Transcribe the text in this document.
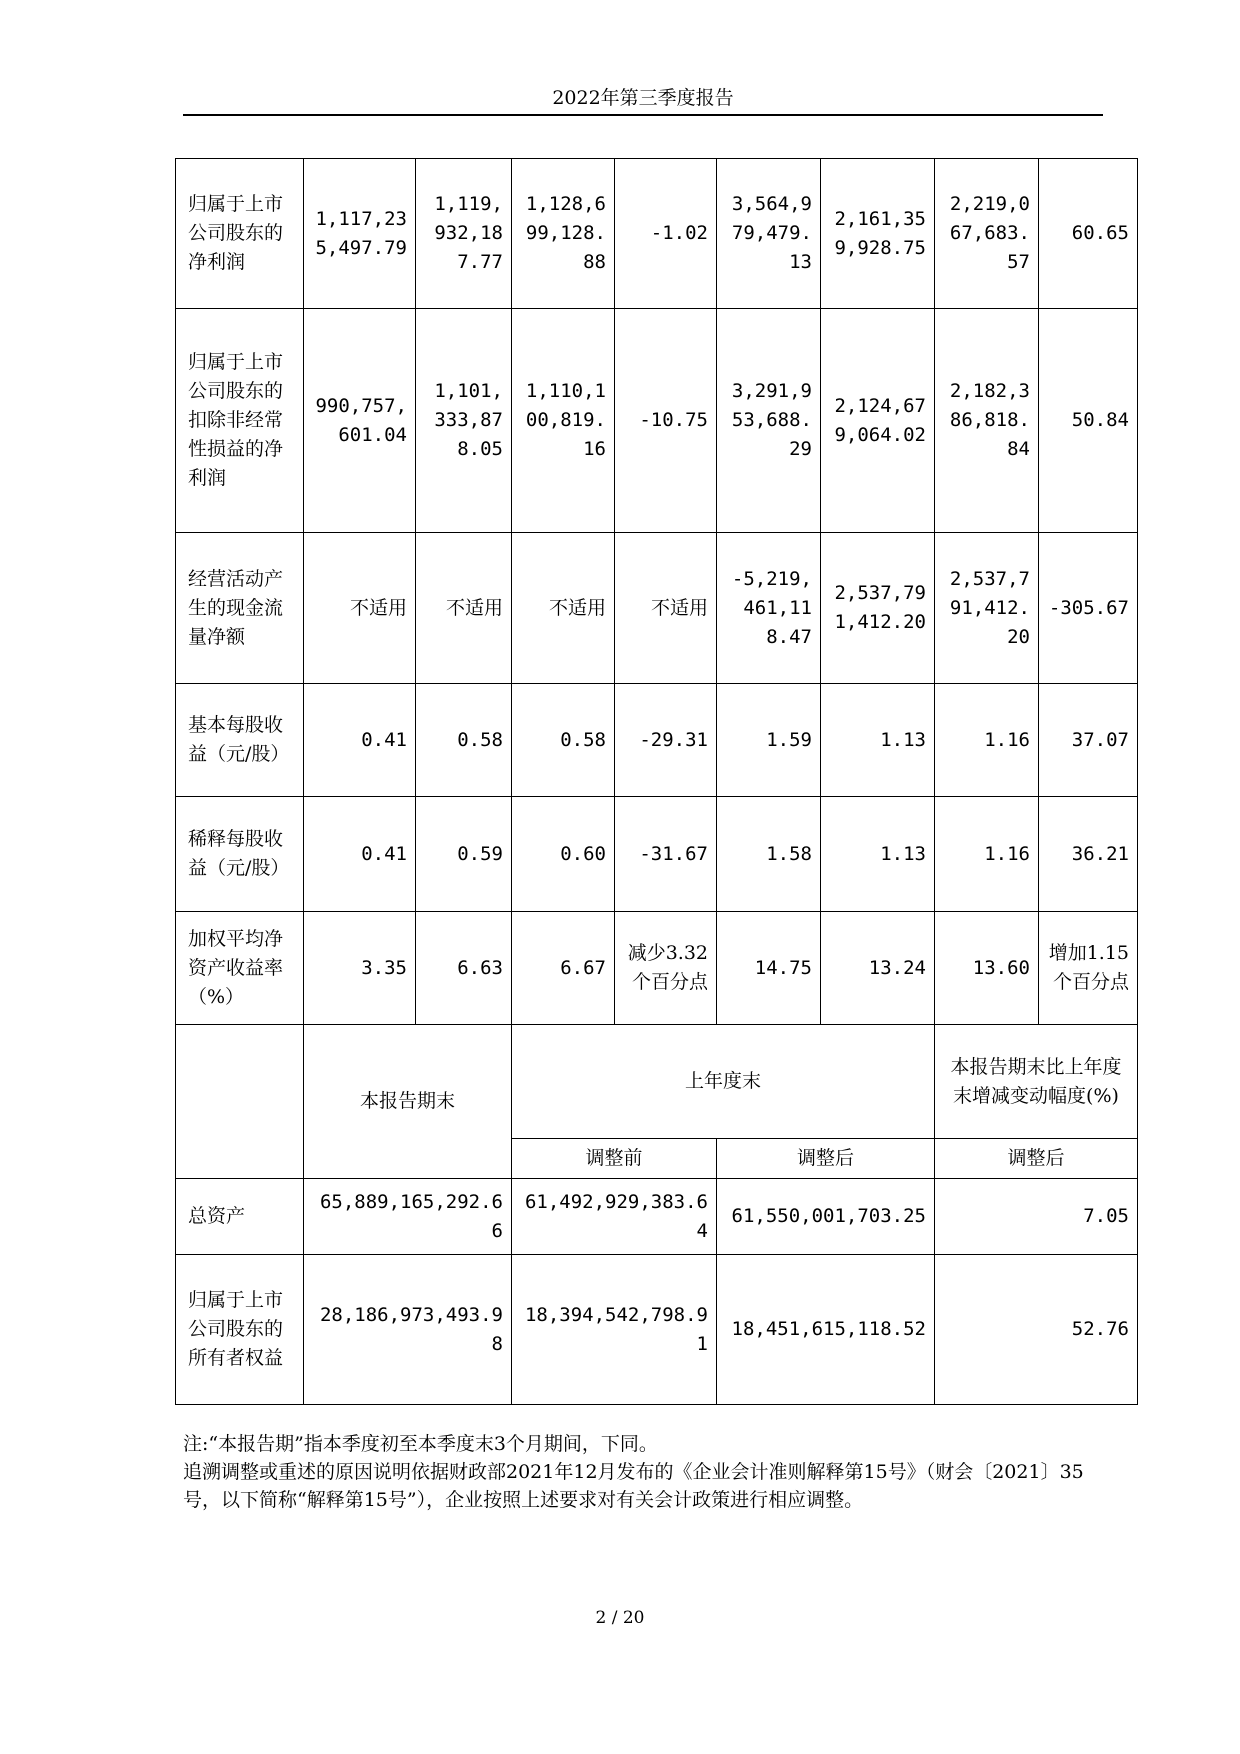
2022年第三季度报告
归属于上市公司股东的净利润	1,117,235,497.79	1,119,932,187.77	1,128,699,128.88	-1.02	3,564,979,479.13	2,161,359,928.75	2,219,067,683.57	60.65
归属于上市公司股东的扣除非经常性损益的净利润	990,757,601.04	1,101,333,878.05	1,110,100,819.16	-10.75	3,291,953,688.29	2,124,679,064.02	2,182,386,818.84	50.84
经营活动产生的现金流量净额	不适用	不适用	不适用	不适用	-5,219,461,118.47	2,537,791,412.20	2,537,791,412.20	-305.67
基本每股收益（元/股）	0.41	0.58	0.58	-29.31	1.59	1.13	1.16	37.07
稀释每股收益（元/股）	0.41	0.59	0.60	-31.67	1.58	1.13	1.16	36.21
加权平均净资产收益率（%）	3.35	6.63	6.67	减少3.32个百分点	14.75	13.24	13.60	增加1.15个百分点
	本报告期末		上年度末				本报告期末比上年度末增减变动幅度(%)	
			调整前		调整后		调整后	
总资产	65,889,165,292.66		61,492,929,383.64		61,550,001,703.25		7.05	
归属于上市公司股东的所有者权益	28,186,973,493.98		18,394,542,798.91		18,451,615,118.52		52.76	

注:“本报告期”指本季度初至本季度末3个月期间，下同。

追溯调整或重述的原因说明依据财政部2021年12月发布的《企业会计准则解释第15号》（财会〔2021〕35号，以下简称“解释第15号”），企业按照上述要求对有关会计政策进行相应调整。

2 / 20
